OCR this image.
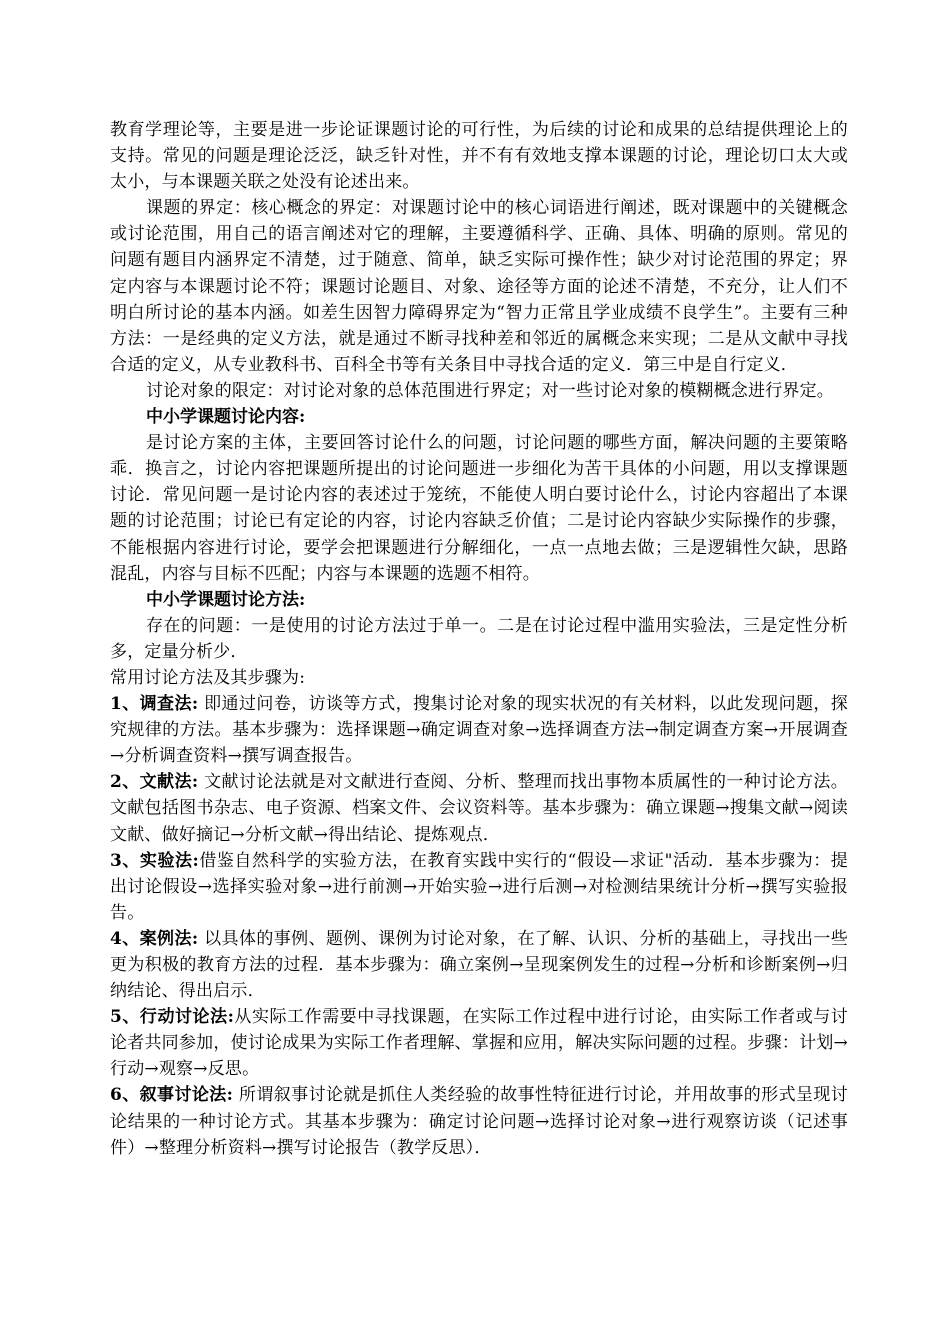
教育学理论等，主要是进一步论证课题讨论的可行性，为后续的讨论和成果的总结提供理论上的支持。常见的问题是理论泛泛，缺乏针对性，并不有有效地支撑本课题的讨论，理论切口太大或太小，与本课题关联之处没有论述出来。

课题的界定：核心概念的界定：对课题讨论中的核心词语进行阐述，既对课题中的关键概念或讨论范围，用自己的语言阐述对它的理解，主要遵循科学、正确、具体、明确的原则。常见的问题有题目内涵界定不清楚，过于随意、简单，缺乏实际可操作性；缺少对讨论范围的界定；界定内容与本课题讨论不符；课题讨论题目、对象、途径等方面的论述不清楚，不充分，让人们不明白所讨论的基本内涵。如差生因智力障碍界定为“智力正常且学业成绩不良学生”。主要有三种方法：一是经典的定义方法，就是通过不断寻找种差和邻近的属概念来实现；二是从文献中寻找合适的定义，从专业教科书、百科全书等有关条目中寻找合适的定义．第三中是自行定义．

讨论对象的限定：对讨论对象的总体范围进行界定；对一些讨论对象的模糊概念进行界定。

中小学课题讨论内容:

是讨论方案的主体，主要回答讨论什么的问题，讨论问题的哪些方面，解决问题的主要策略乖．换言之，讨论内容把课题所提出的讨论问题进一步细化为苦干具体的小问题，用以支撑课题讨论．常见问题一是讨论内容的表述过于笼统，不能使人明白要讨论什么，讨论内容超出了本课题的讨论范围；讨论已有定论的内容，讨论内容缺乏价值；二是讨论内容缺少实际操作的步骤，不能根据内容进行讨论，要学会把课题进行分解细化，一点一点地去做；三是逻辑性欠缺，思路混乱，内容与目标不匹配；内容与本课题的选题不相符。

中小学课题讨论方法:

存在的问题：一是使用的讨论方法过于单一。二是在讨论过程中滥用实验法，三是定性分析多，定量分析少．

常用讨论方法及其步骤为:

1、调查法: 即通过问卷，访谈等方式，搜集讨论对象的现实状况的有关材料，以此发现问题，探究规律的方法。基本步骤为：选择课题→确定调查对象→选择调查方法→制定调查方案→开展调查→分析调查资料→撰写调查报告。

2、文献法: 文献讨论法就是对文献进行查阅、分析、整理而找出事物本质属性的一种讨论方法。文献包括图书杂志、电子资源、档案文件、会议资料等。基本步骤为：确立课题→搜集文献→阅读文献、做好摘记→分析文献→得出结论、提炼观点．

3、实验法:借鉴自然科学的实验方法，在教育实践中实行的“假设—求证"活动．基本步骤为：提出讨论假设→选择实验对象→进行前测→开始实验→进行后测→对检测结果统计分析→撰写实验报告。

4、案例法: 以具体的事例、题例、课例为讨论对象，在了解、认识、分析的基础上，寻找出一些更为积极的教育方法的过程．基本步骤为：确立案例→呈现案例发生的过程→分析和诊断案例→归纳结论、得出启示．

5、行动讨论法:从实际工作需要中寻找课题，在实际工作过程中进行讨论，由实际工作者或与讨论者共同参加，使讨论成果为实际工作者理解、掌握和应用，解决实际问题的过程。步骤：计划→行动→观察→反思。

6、叙事讨论法: 所谓叙事讨论就是抓住人类经验的故事性特征进行讨论，并用故事的形式呈现讨论结果的一种讨论方式。其基本步骤为：确定讨论问题→选择讨论对象→进行观察访谈（记述事件）→整理分析资料→撰写讨论报告（教学反思）．
